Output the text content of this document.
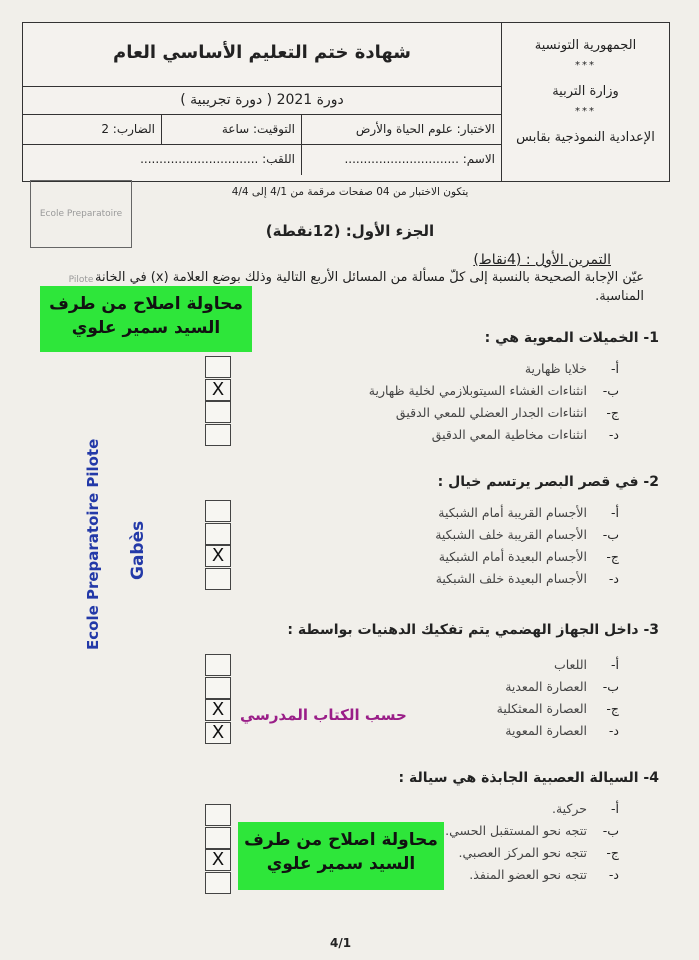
الجمهورية التونسية
***
وزارة التربية
***
الإعدادية النموذجية بقابس
شهادة ختم التعليم الأساسي العام
دورة 2021 ( دورة تجريبية )
الاختبار: علوم الحياة والأرض
التوقيت: ساعة
الضارب: 2
الاسم: ..............................
اللقب: ...............................
يتكون الاختبار من 04 صفحات مرقمة من 4/1 إلى 4/4
Ecole Preparatoire Pilote
الجزء الأول: (12نقطة)
التمرين الأول : (4نقاط)
عيّن الإجابة الصحيحة بالنسبة إلى كلّ مسألة من المسائل الأربع التالية وذلك بوضع العلامة (x) في الخانة المناسبة.
1- الخميلات المعوية هي :
أ-
خلايا ظهارية
ب-
انثناءات الغشاء السيتوبلازمي لخلية ظهارية
ج-
انثناءات الجدار العضلي للمعي الدقيق
د-
انثناءات مخاطية المعي الدقيق
X
2- في قصر البصر يرتسم خيال :
أ-
الأجسام القريبة أمام الشبكية
ب-
الأجسام القريبة خلف الشبكية
ج-
الأجسام البعيدة أمام الشبكية
د-
الأجسام البعيدة خلف الشبكية
X
3- داخل الجهاز الهضمي يتم تفكيك الدهنيات بواسطة :
أ-
اللعاب
ب-
العصارة المعدية
ج-
العصارة المعثكلية
د-
العصارة المعوية
X
X
4- السيالة العصبية الجابذة هي سيالة :
أ-
حركية.
ب-
تتجه نحو المستقبل الحسي.
ج-
تتجه نحو المركز العصبي.
د-
تتجه نحو العضو المنفذ.
X
محاولة اصلاح من طرف
السيد سمير علوي
محاولة اصلاح من طرف
السيد سمير علوي
Ecole Preparatoire Pilote	Gabès
حسب الكتاب المدرسي
4/1
